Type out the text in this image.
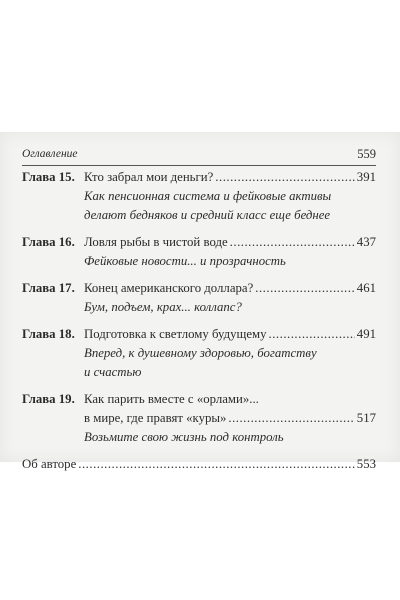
Оглавление	559
Глава 15. Кто забрал мои деньги? .....	391
Как пенсионная система и фейковые активы
делают бедняков и средний класс еще беднее
Глава 16. Ловля рыбы в чистой воде .....	437
Фейковые новости... и прозрачность
Глава 17. Конец американского доллара? .....	461
Бум, подъем, крах... коллапс?
Глава 18. Подготовка к светлому будущему .....	491
Вперед, к душевному здоровью, богатству
и счастью
Глава 19. Как парить вместе с «орлами»...
в мире, где правят «куры» .....	517
Возьмите свою жизнь под контроль
Об авторе .....	553
